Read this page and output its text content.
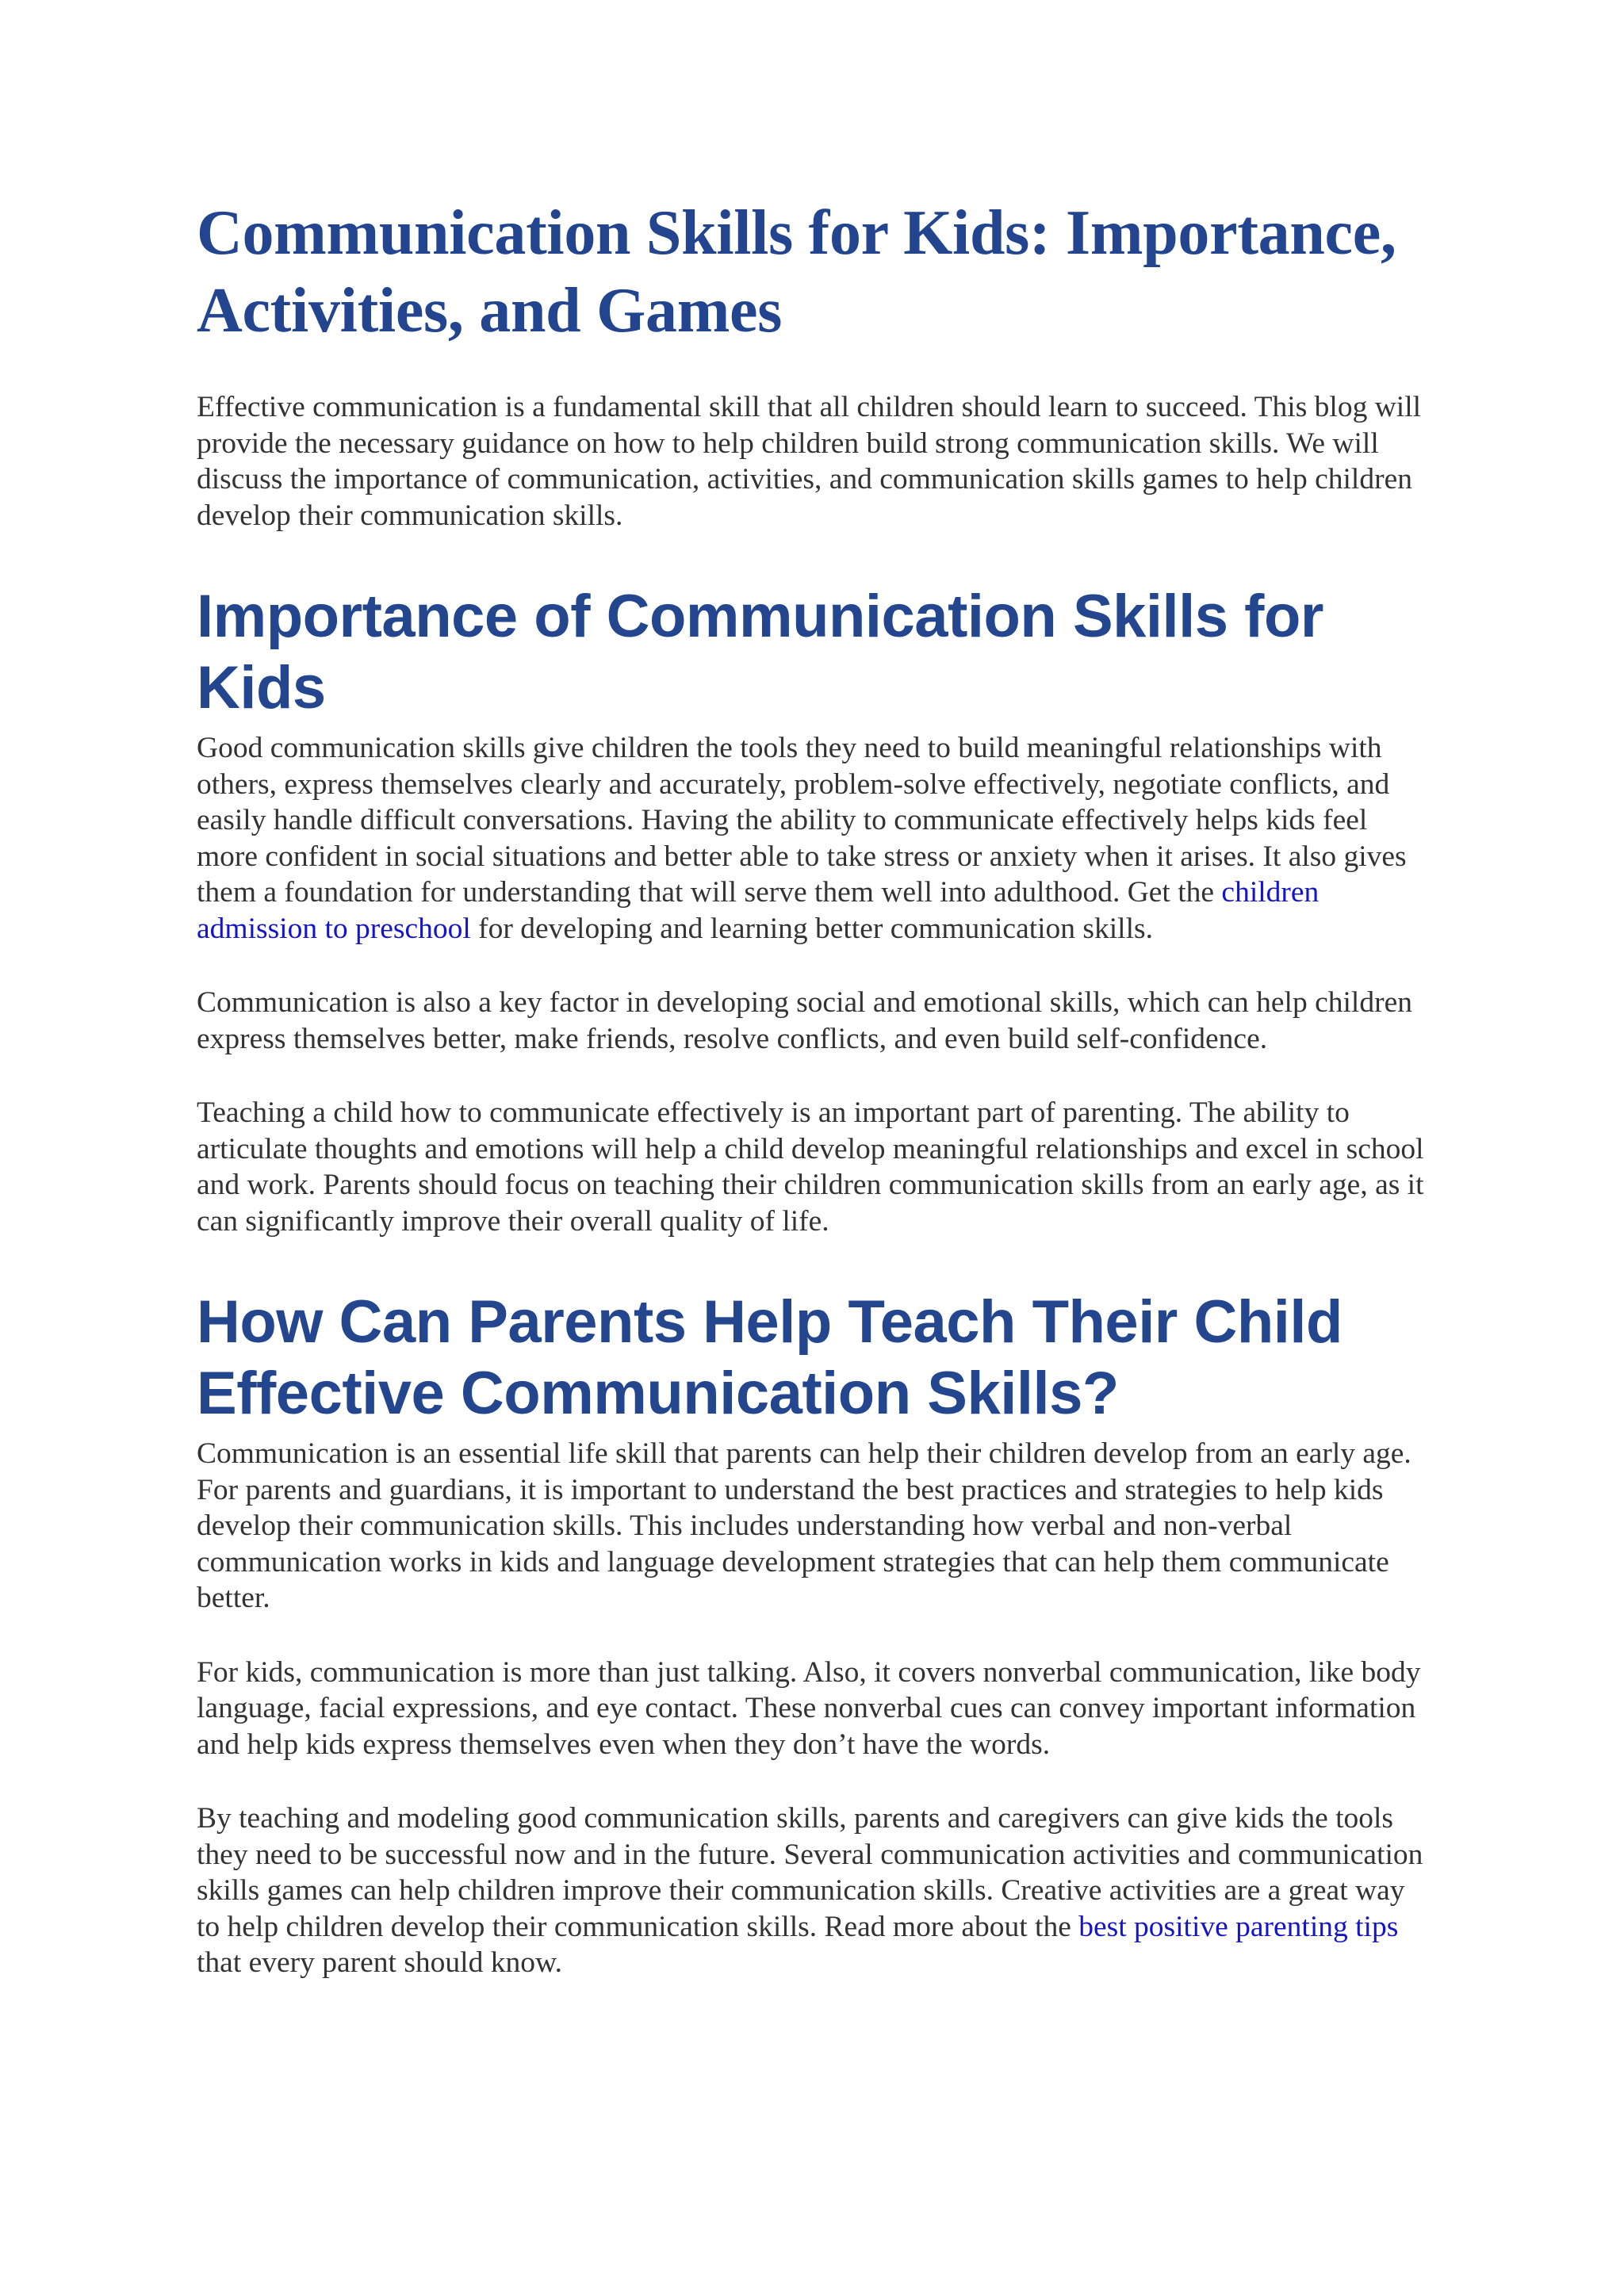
Communication Skills for Kids: Importance, Activities, and Games

Effective communication is a fundamental skill that all children should learn to succeed. This blog will provide the necessary guidance on how to help children build strong communication skills. We will discuss the importance of communication, activities, and communication skills games to help children develop their communication skills.

Importance of Communication Skills for Kids

Good communication skills give children the tools they need to build meaningful relationships with others, express themselves clearly and accurately, problem-solve effectively, negotiate conflicts, and easily handle difficult conversations. Having the ability to communicate effectively helps kids feel more confident in social situations and better able to take stress or anxiety when it arises. It also gives them a foundation for understanding that will serve them well into adulthood. Get the children admission to preschool for developing and learning better communication skills.

Communication is also a key factor in developing social and emotional skills, which can help children express themselves better, make friends, resolve conflicts, and even build self-confidence.

Teaching a child how to communicate effectively is an important part of parenting. The ability to articulate thoughts and emotions will help a child develop meaningful relationships and excel in school and work. Parents should focus on teaching their children communication skills from an early age, as it can significantly improve their overall quality of life.

How Can Parents Help Teach Their Child Effective Communication Skills?

Communication is an essential life skill that parents can help their children develop from an early age. For parents and guardians, it is important to understand the best practices and strategies to help kids develop their communication skills. This includes understanding how verbal and non-verbal communication works in kids and language development strategies that can help them communicate better.

For kids, communication is more than just talking. Also, it covers nonverbal communication, like body language, facial expressions, and eye contact. These nonverbal cues can convey important information and help kids express themselves even when they don’t have the words.

By teaching and modeling good communication skills, parents and caregivers can give kids the tools they need to be successful now and in the future. Several communication activities and communication skills games can help children improve their communication skills. Creative activities are a great way to help children develop their communication skills. Read more about the best positive parenting tips that every parent should know.
